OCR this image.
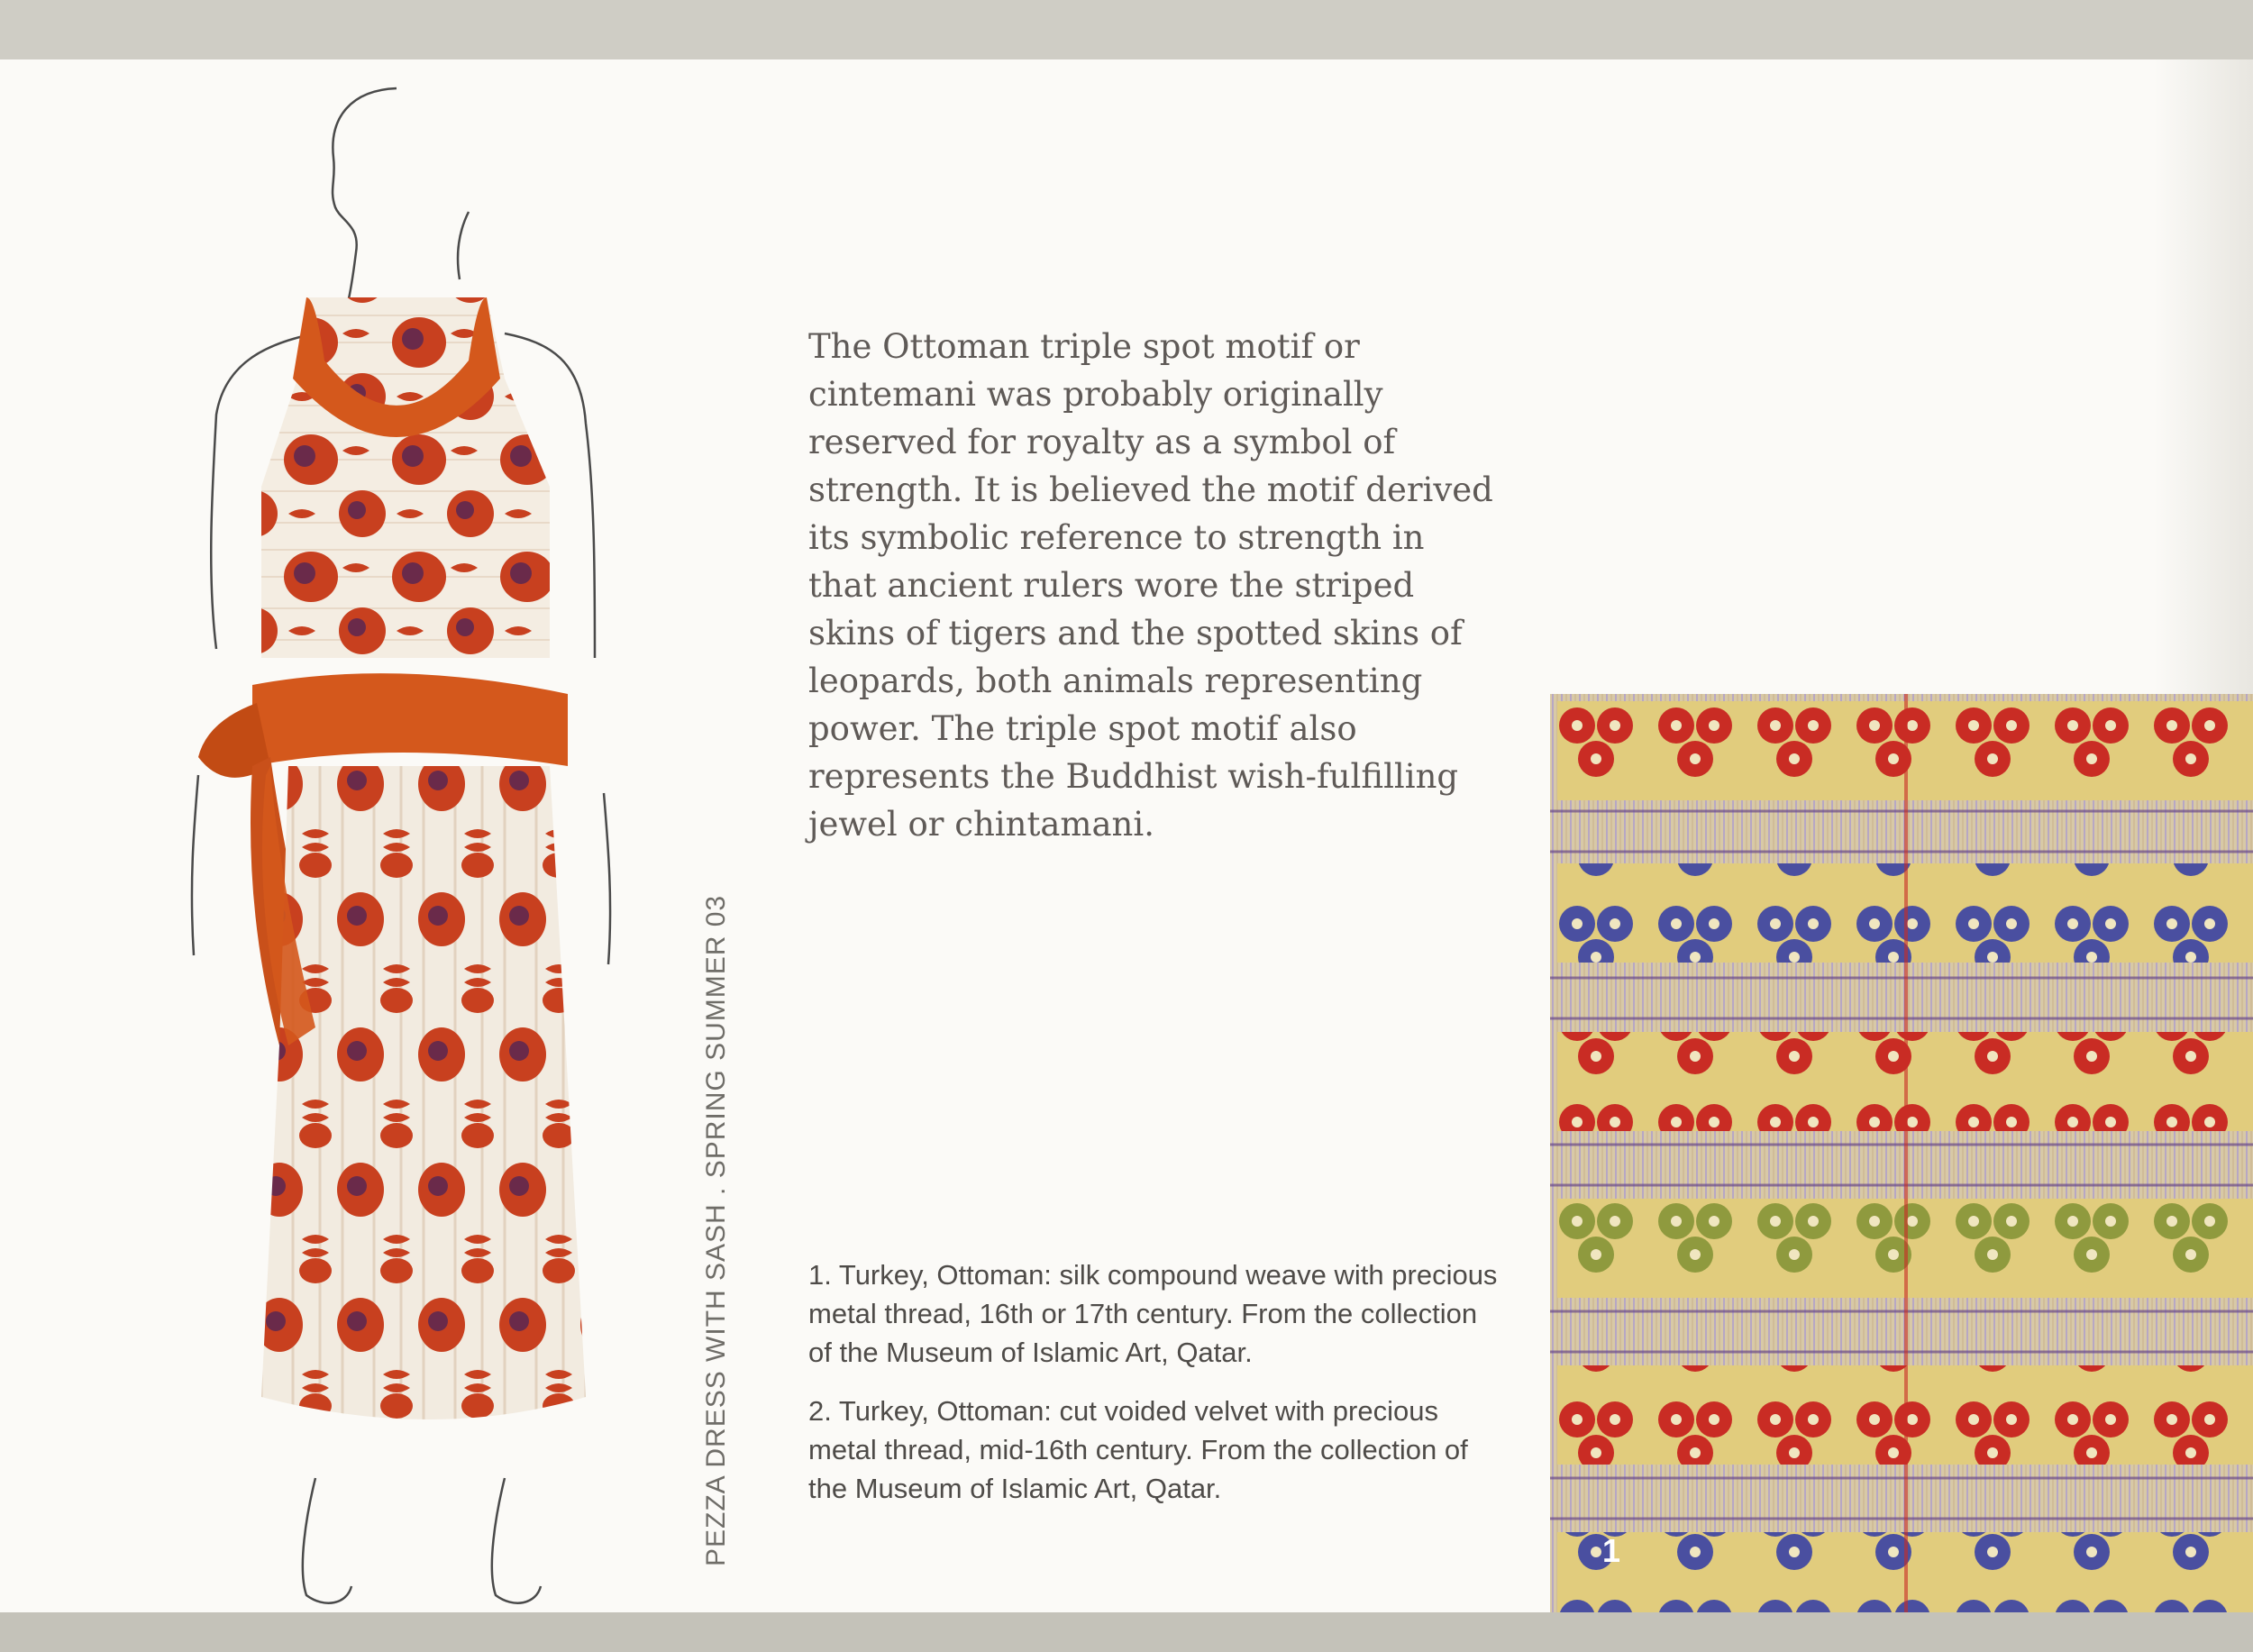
PEZZA DRESS WITH SASH . SPRING SUMMER 03

The Ottoman triple spot motif or cintemani was probably originally reserved for royalty as a symbol of strength. It is believed the motif derived its symbolic reference to strength in that ancient rulers wore the striped skins of tigers and the spotted skins of leopards, both animals representing power. The triple spot motif also represents the Buddhist wish-fulfilling jewel or chintamani.

1. Turkey, Ottoman: silk compound weave with precious metal thread, 16th or 17th century. From the collection of the Museum of Islamic Art, Qatar.

2. Turkey, Ottoman: cut voided velvet with precious metal thread, mid-16th century. From the collection of the Museum of Islamic Art, Qatar.

1
